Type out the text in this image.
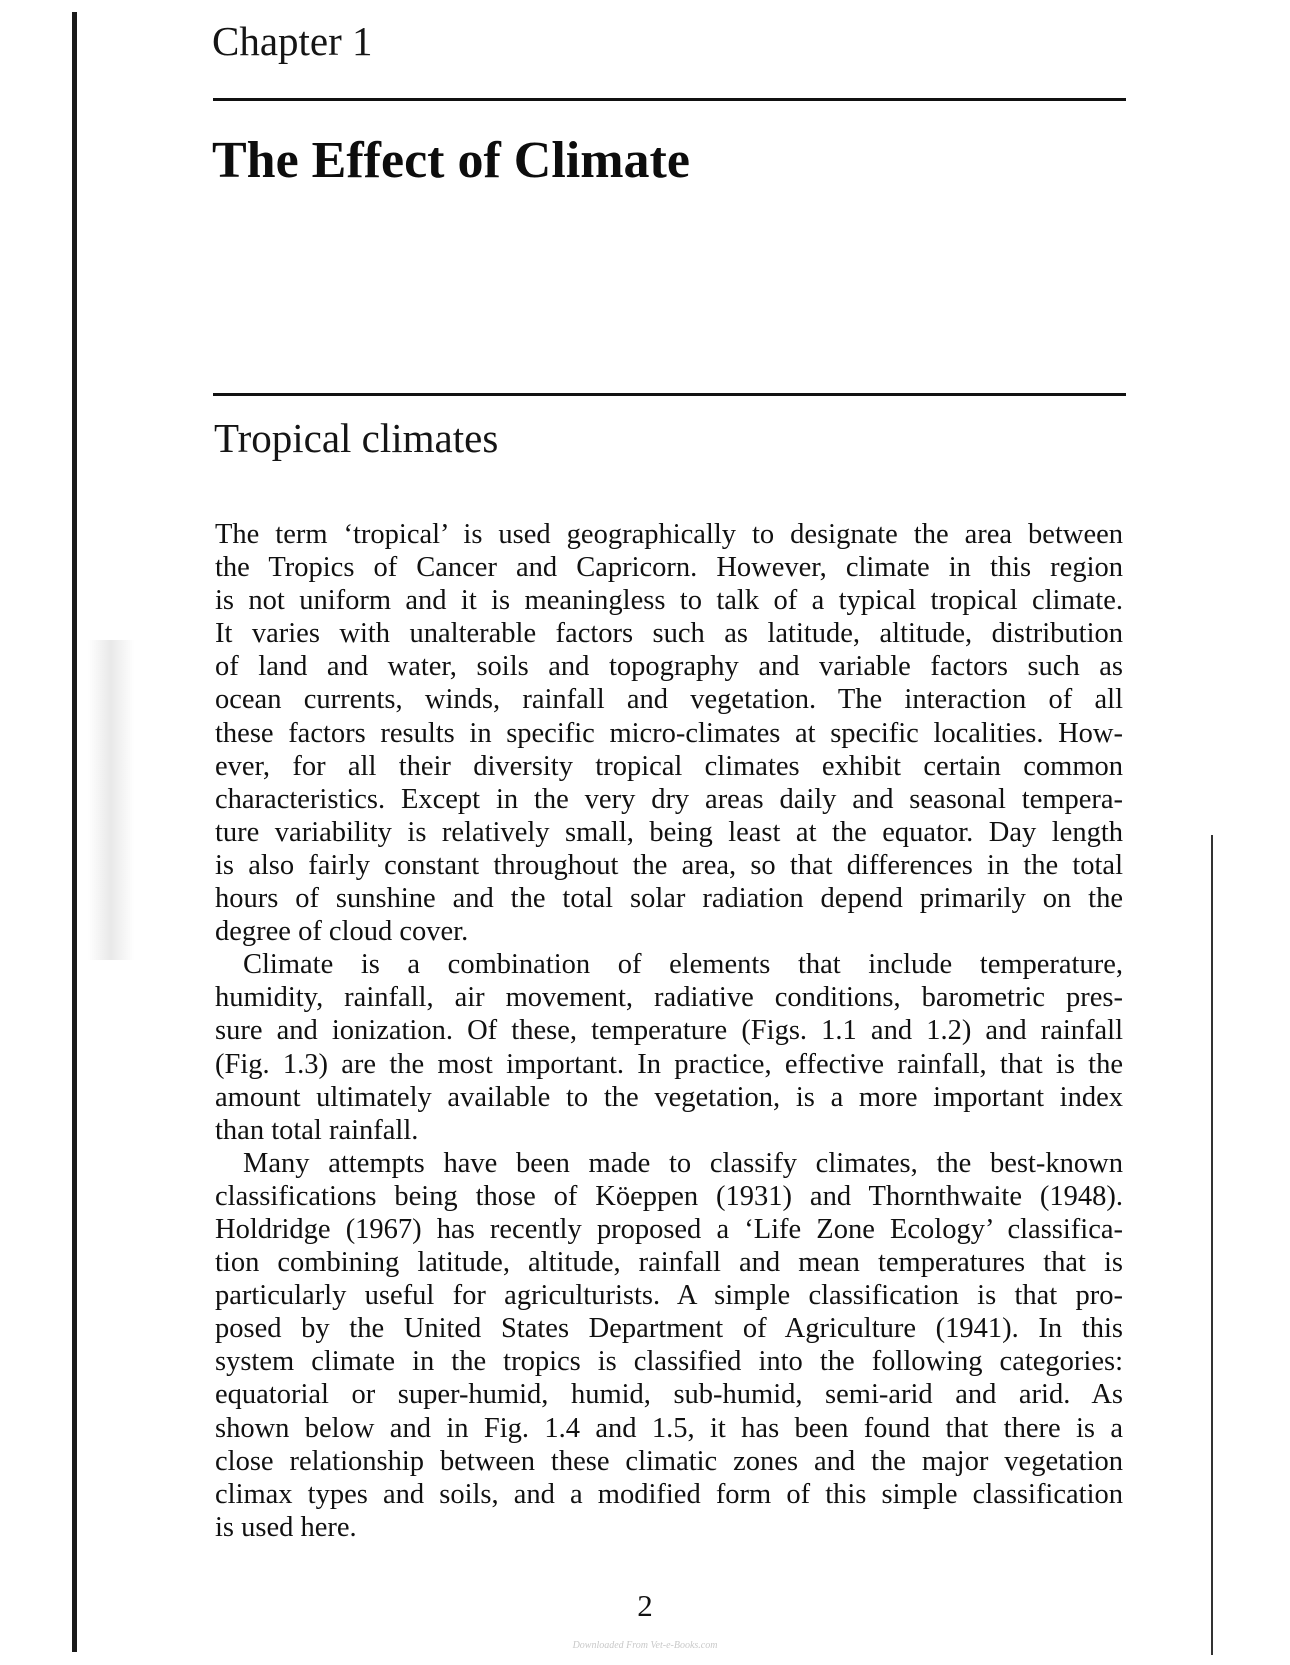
Chapter 1
The Effect of Climate
Tropical climates
The term ‘tropical’ is used geographically to designate the area between
the Tropics of Cancer and Capricorn. However, climate in this region
is not uniform and it is meaningless to talk of a typical tropical climate.
It varies with unalterable factors such as latitude, altitude, distribution
of land and water, soils and topography and variable factors such as
ocean currents, winds, rainfall and vegetation. The interaction of all
these factors results in specific micro-climates at specific localities. How-
ever, for all their diversity tropical climates exhibit certain common
characteristics. Except in the very dry areas daily and seasonal tempera-
ture variability is relatively small, being least at the equator. Day length
is also fairly constant throughout the area, so that differences in the total
hours of sunshine and the total solar radiation depend primarily on the
degree of cloud cover.
Climate is a combination of elements that include temperature,
humidity, rainfall, air movement, radiative conditions, barometric pres-
sure and ionization. Of these, temperature (Figs. 1.1 and 1.2) and rainfall
(Fig. 1.3) are the most important. In practice, effective rainfall, that is the
amount ultimately available to the vegetation, is a more important index
than total rainfall.
Many attempts have been made to classify climates, the best-known
classifications being those of Köeppen (1931) and Thornthwaite (1948).
Holdridge (1967) has recently proposed a ‘Life Zone Ecology’ classifica-
tion combining latitude, altitude, rainfall and mean temperatures that is
particularly useful for agriculturists. A simple classification is that pro-
posed by the United States Department of Agriculture (1941). In this
system climate in the tropics is classified into the following categories:
equatorial or super-humid, humid, sub-humid, semi-arid and arid. As
shown below and in Fig. 1.4 and 1.5, it has been found that there is a
close relationship between these climatic zones and the major vegetation
climax types and soils, and a modified form of this simple classification
is used here.
2
Downloaded From Vet-e-Books.com
